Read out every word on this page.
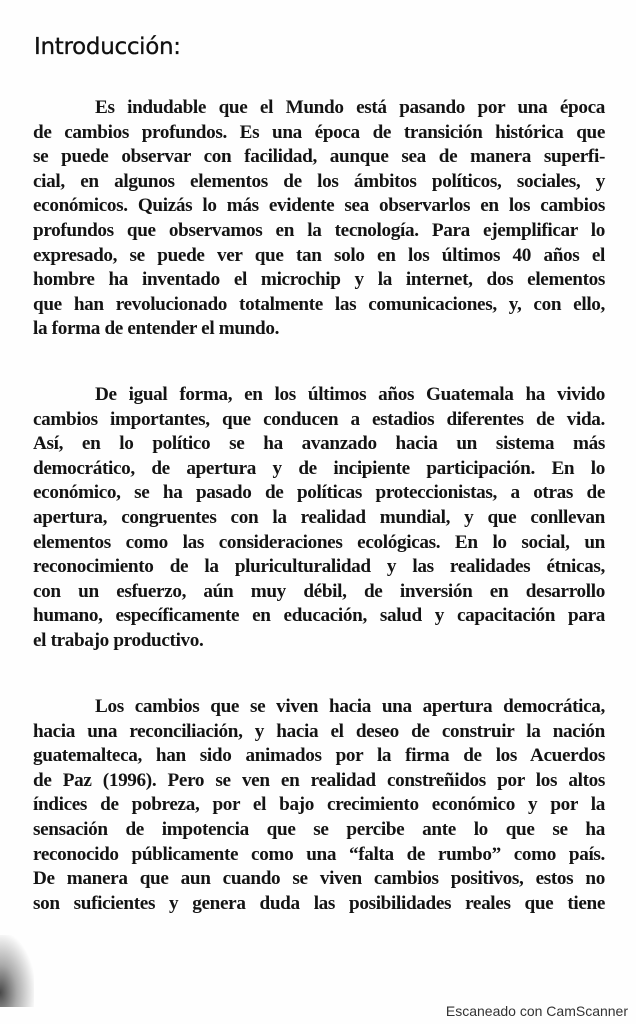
Introducción:
Es indudable que el Mundo está pasando por una época
de cambios profundos. Es una época de transición histórica que
se puede observar con facilidad, aunque sea de manera superfi-
cial, en algunos elementos de los ámbitos políticos, sociales, y
económicos. Quizás lo más evidente sea observarlos en los cambios
profundos que observamos en la tecnología. Para ejemplificar lo
expresado, se puede ver que tan solo en los últimos 40 años el
hombre ha inventado el microchip y la internet, dos elementos
que han revolucionado totalmente las comunicaciones, y, con ello,
la forma de entender el mundo.
De igual forma, en los últimos años Guatemala ha vivido
cambios importantes, que conducen a estadios diferentes de vida.
Así, en lo político se ha avanzado hacia un sistema más
democrático, de apertura y de incipiente participación. En lo
económico, se ha pasado de políticas proteccionistas, a otras de
apertura, congruentes con la realidad mundial, y que conllevan
elementos como las consideraciones ecológicas. En lo social, un
reconocimiento de la pluriculturalidad y las realidades étnicas,
con un esfuerzo, aún muy débil, de inversión en desarrollo
humano, específicamente en educación, salud y capacitación para
el trabajo productivo.
Los cambios que se viven hacia una apertura democrática,
hacia una reconciliación, y hacia el deseo de construir la nación
guatemalteca, han sido animados por la firma de los Acuerdos
de Paz (1996). Pero se ven en realidad constreñidos por los altos
índices de pobreza, por el bajo crecimiento económico y por la
sensación de impotencia que se percibe ante lo que se ha
reconocido públicamente como una “falta de rumbo” como país.
De manera que aun cuando se viven cambios positivos, estos no
son suficientes y genera duda las posibilidades reales que tiene
Escaneado con CamScanner
